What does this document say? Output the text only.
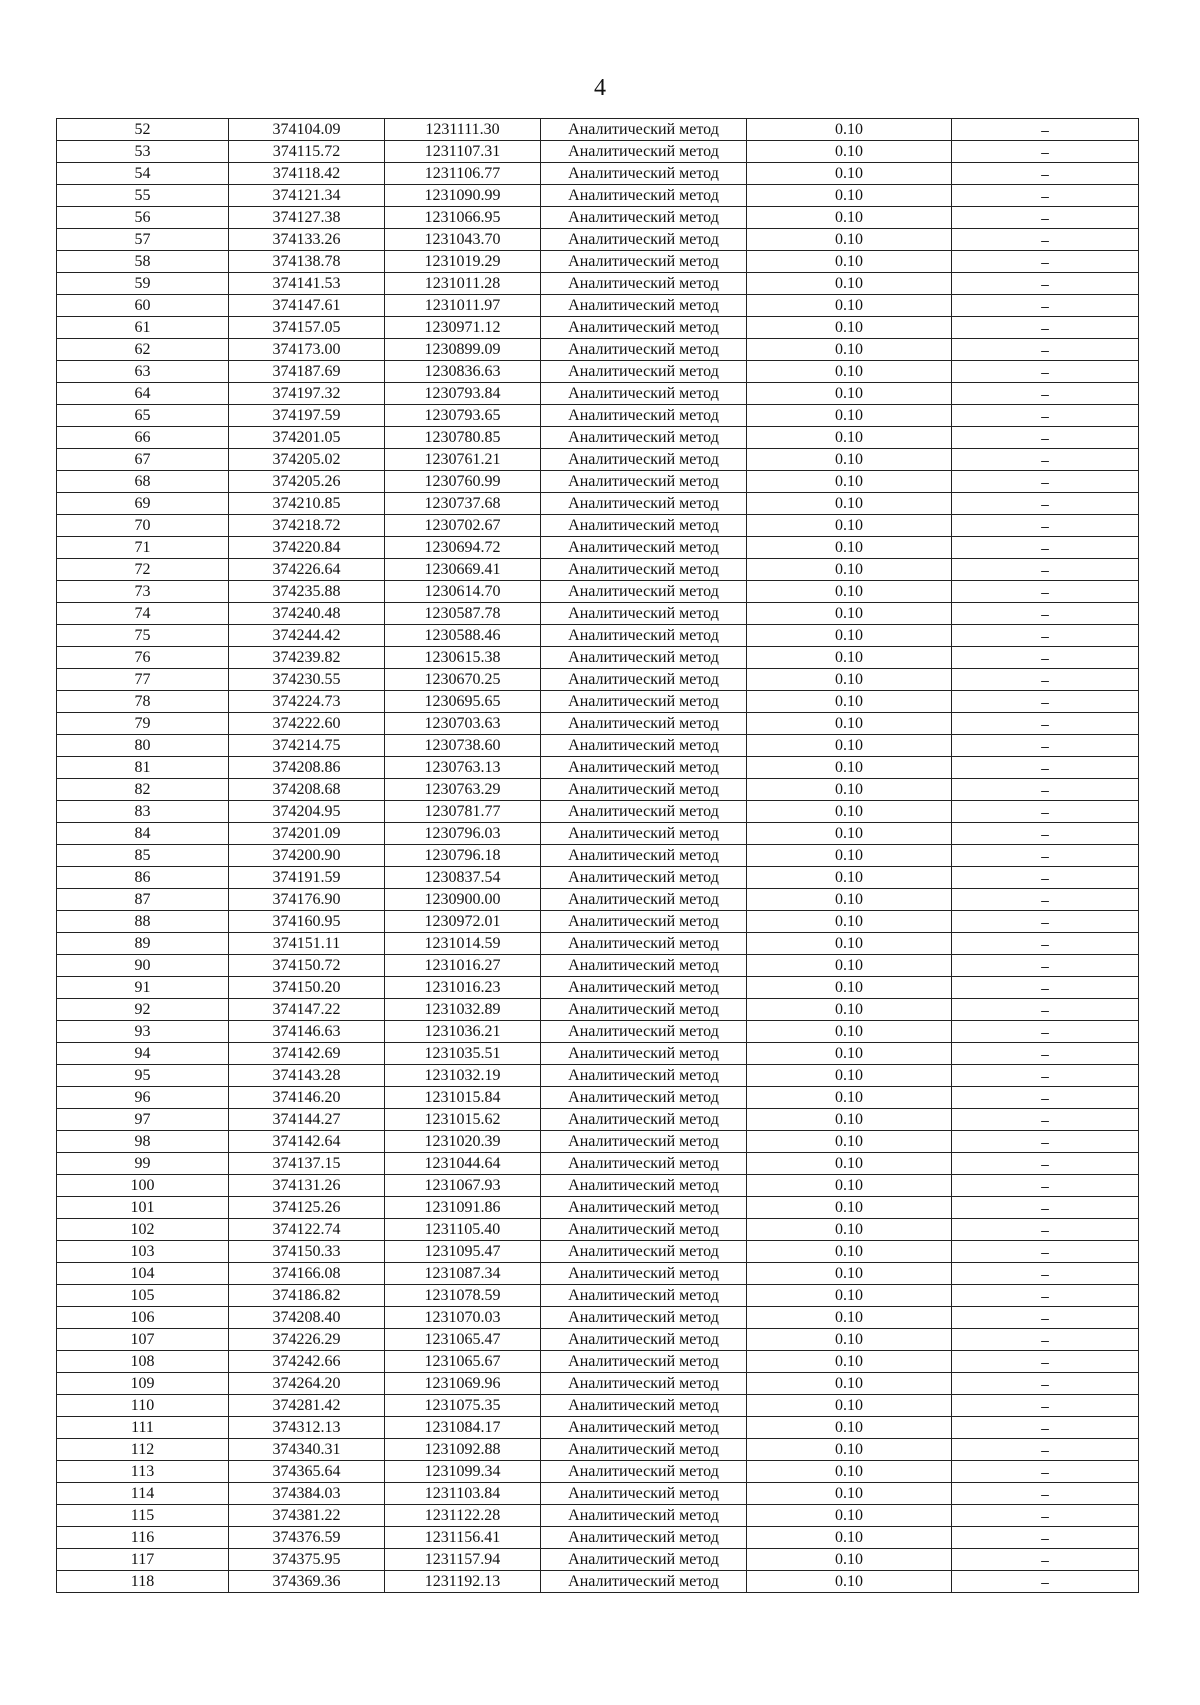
4
52	374104.09	1231111.30	Аналитический метод	0.10	–
53	374115.72	1231107.31	Аналитический метод	0.10	–
54	374118.42	1231106.77	Аналитический метод	0.10	–
55	374121.34	1231090.99	Аналитический метод	0.10	–
56	374127.38	1231066.95	Аналитический метод	0.10	–
57	374133.26	1231043.70	Аналитический метод	0.10	–
58	374138.78	1231019.29	Аналитический метод	0.10	–
59	374141.53	1231011.28	Аналитический метод	0.10	–
60	374147.61	1231011.97	Аналитический метод	0.10	–
61	374157.05	1230971.12	Аналитический метод	0.10	–
62	374173.00	1230899.09	Аналитический метод	0.10	–
63	374187.69	1230836.63	Аналитический метод	0.10	–
64	374197.32	1230793.84	Аналитический метод	0.10	–
65	374197.59	1230793.65	Аналитический метод	0.10	–
66	374201.05	1230780.85	Аналитический метод	0.10	–
67	374205.02	1230761.21	Аналитический метод	0.10	–
68	374205.26	1230760.99	Аналитический метод	0.10	–
69	374210.85	1230737.68	Аналитический метод	0.10	–
70	374218.72	1230702.67	Аналитический метод	0.10	–
71	374220.84	1230694.72	Аналитический метод	0.10	–
72	374226.64	1230669.41	Аналитический метод	0.10	–
73	374235.88	1230614.70	Аналитический метод	0.10	–
74	374240.48	1230587.78	Аналитический метод	0.10	–
75	374244.42	1230588.46	Аналитический метод	0.10	–
76	374239.82	1230615.38	Аналитический метод	0.10	–
77	374230.55	1230670.25	Аналитический метод	0.10	–
78	374224.73	1230695.65	Аналитический метод	0.10	–
79	374222.60	1230703.63	Аналитический метод	0.10	–
80	374214.75	1230738.60	Аналитический метод	0.10	–
81	374208.86	1230763.13	Аналитический метод	0.10	–
82	374208.68	1230763.29	Аналитический метод	0.10	–
83	374204.95	1230781.77	Аналитический метод	0.10	–
84	374201.09	1230796.03	Аналитический метод	0.10	–
85	374200.90	1230796.18	Аналитический метод	0.10	–
86	374191.59	1230837.54	Аналитический метод	0.10	–
87	374176.90	1230900.00	Аналитический метод	0.10	–
88	374160.95	1230972.01	Аналитический метод	0.10	–
89	374151.11	1231014.59	Аналитический метод	0.10	–
90	374150.72	1231016.27	Аналитический метод	0.10	–
91	374150.20	1231016.23	Аналитический метод	0.10	–
92	374147.22	1231032.89	Аналитический метод	0.10	–
93	374146.63	1231036.21	Аналитический метод	0.10	–
94	374142.69	1231035.51	Аналитический метод	0.10	–
95	374143.28	1231032.19	Аналитический метод	0.10	–
96	374146.20	1231015.84	Аналитический метод	0.10	–
97	374144.27	1231015.62	Аналитический метод	0.10	–
98	374142.64	1231020.39	Аналитический метод	0.10	–
99	374137.15	1231044.64	Аналитический метод	0.10	–
100	374131.26	1231067.93	Аналитический метод	0.10	–
101	374125.26	1231091.86	Аналитический метод	0.10	–
102	374122.74	1231105.40	Аналитический метод	0.10	–
103	374150.33	1231095.47	Аналитический метод	0.10	–
104	374166.08	1231087.34	Аналитический метод	0.10	–
105	374186.82	1231078.59	Аналитический метод	0.10	–
106	374208.40	1231070.03	Аналитический метод	0.10	–
107	374226.29	1231065.47	Аналитический метод	0.10	–
108	374242.66	1231065.67	Аналитический метод	0.10	–
109	374264.20	1231069.96	Аналитический метод	0.10	–
110	374281.42	1231075.35	Аналитический метод	0.10	–
111	374312.13	1231084.17	Аналитический метод	0.10	–
112	374340.31	1231092.88	Аналитический метод	0.10	–
113	374365.64	1231099.34	Аналитический метод	0.10	–
114	374384.03	1231103.84	Аналитический метод	0.10	–
115	374381.22	1231122.28	Аналитический метод	0.10	–
116	374376.59	1231156.41	Аналитический метод	0.10	–
117	374375.95	1231157.94	Аналитический метод	0.10	–
118	374369.36	1231192.13	Аналитический метод	0.10	–
